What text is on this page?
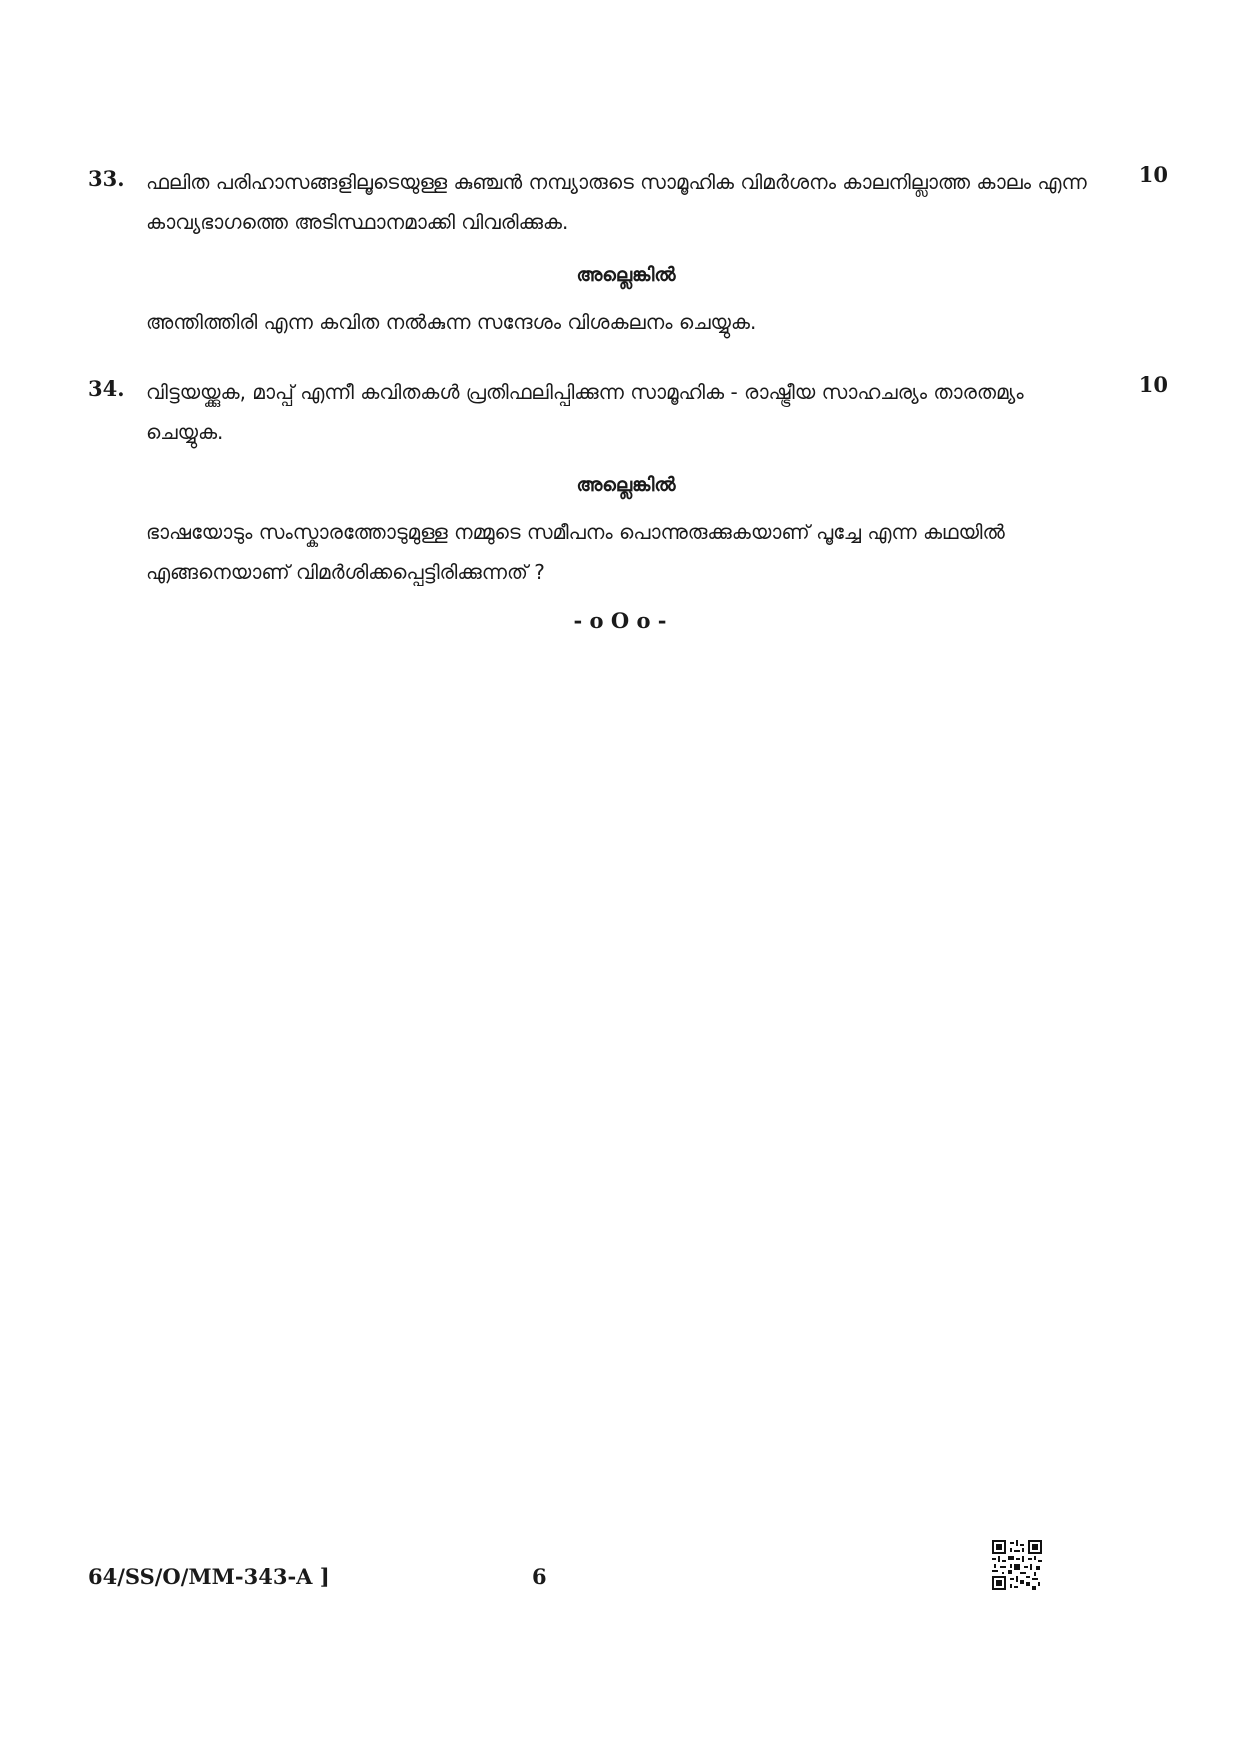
33.	10

ഫലിത പരിഹാസങ്ങളിലൂടെയുള്ള കുഞ്ചൻ നമ്പ്യാരുടെ സാമൂഹിക വിമർശനം കാലനില്ലാത്ത കാലം എന്ന കാവ്യഭാഗത്തെ അടിസ്ഥാനമാക്കി വിവരിക്കുക.

അല്ലെങ്കിൽ

അന്തിത്തിരി എന്ന കവിത നൽകുന്ന സന്ദേശം വിശകലനം ചെയ്യുക.

34.	10

വിട്ടയയ്ക്കുക, മാപ്പ് എന്നീ കവിതകൾ പ്രതിഫലിപ്പിക്കുന്ന സാമൂഹിക - രാഷ്ട്രീയ സാഹചര്യം താരതമ്യം ചെയ്യുക.

അല്ലെങ്കിൽ

ഭാഷയോടും സംസ്കാരത്തോടുമുള്ള നമ്മുടെ സമീപനം പൊന്നുരുക്കുകയാണ് പൂച്ചേ എന്ന കഥയിൽ എങ്ങനെയാണ് വിമർശിക്കപ്പെട്ടിരിക്കുന്നത് ?

- o O o -
64/SS/O/MM-343-A ]	6
